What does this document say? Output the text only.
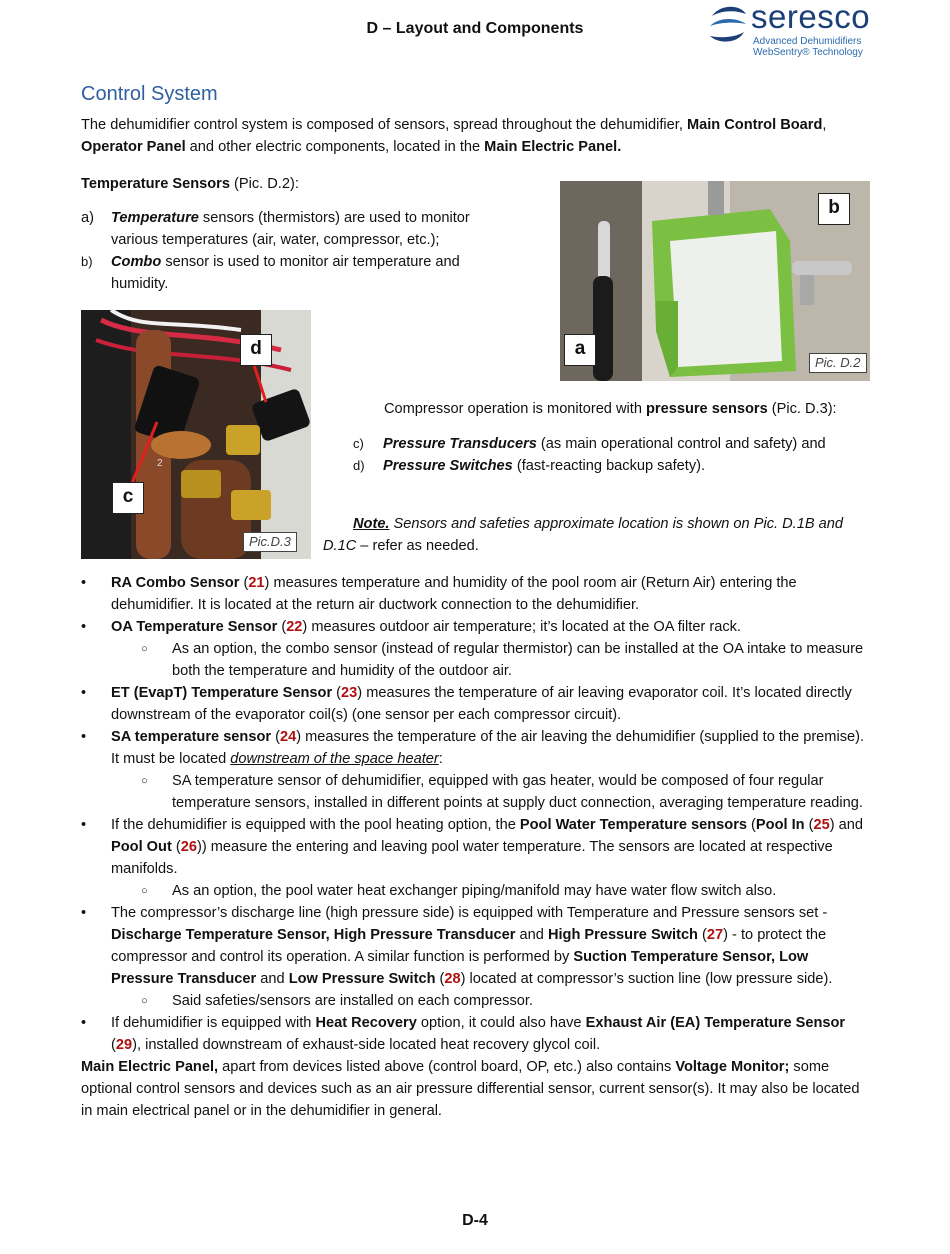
D – Layout and Components	seresco
Advanced Dehumidifiers
WebSentry® Technology
Control System
The dehumidifier control system is composed of sensors, spread throughout the dehumidifier, Main Control Board, Operator Panel and other electric components, located in the Main Electric Panel.
Temperature Sensors (Pic. D.2):
a) Temperature sensors (thermistors) are used to monitor various temperatures (air, water, compressor, etc.);
b) Combo sensor is used to monitor air temperature and humidity.
a
b
Pic. D.2
2
d
c
Pic.D.3
Compressor operation is monitored with pressure sensors (Pic. D.3):
c) Pressure Transducers (as main operational control and safety) and
d) Pressure Switches (fast-reacting backup safety).
Note. Sensors and safeties approximate location is shown on Pic. D.1B and D.1C – refer as needed.
• RA Combo Sensor (21) measures temperature and humidity of the pool room air (Return Air) entering the dehumidifier. It is located at the return air ductwork connection to the dehumidifier.
• OA Temperature Sensor (22) measures outdoor air temperature; it’s located at the OA filter rack.
○ As an option, the combo sensor (instead of regular thermistor) can be installed at the OA intake to measure both the temperature and humidity of the outdoor air.
• ET (EvapT) Temperature Sensor (23) measures the temperature of air leaving evaporator coil. It’s located directly downstream of the evaporator coil(s) (one sensor per each compressor circuit).
• SA temperature sensor (24) measures the temperature of the air leaving the dehumidifier (supplied to the premise). It must be located downstream of the space heater:
○ SA temperature sensor of dehumidifier, equipped with gas heater, would be composed of four regular temperature sensors, installed in different points at supply duct connection, averaging temperature reading.
• If the dehumidifier is equipped with the pool heating option, the Pool Water Temperature sensors (Pool In (25) and Pool Out (26)) measure the entering and leaving pool water temperature. The sensors are located at respective manifolds.
○ As an option, the pool water heat exchanger piping/manifold may have water flow switch also.
• The compressor’s discharge line (high pressure side) is equipped with Temperature and Pressure sensors set - Discharge Temperature Sensor, High Pressure Transducer and High Pressure Switch (27) - to protect the compressor and control its operation. A similar function is performed by Suction Temperature Sensor, Low Pressure Transducer and Low Pressure Switch (28) located at compressor’s suction line (low pressure side).
○ Said safeties/sensors are installed on each compressor.
• If dehumidifier is equipped with Heat Recovery option, it could also have Exhaust Air (EA) Temperature Sensor (29), installed downstream of exhaust-side located heat recovery glycol coil.
Main Electric Panel, apart from devices listed above (control board, OP, etc.) also contains Voltage Monitor; some optional control sensors and devices such as an air pressure differential sensor, current sensor(s). It may also be located in main electrical panel or in the dehumidifier in general.
D-4
